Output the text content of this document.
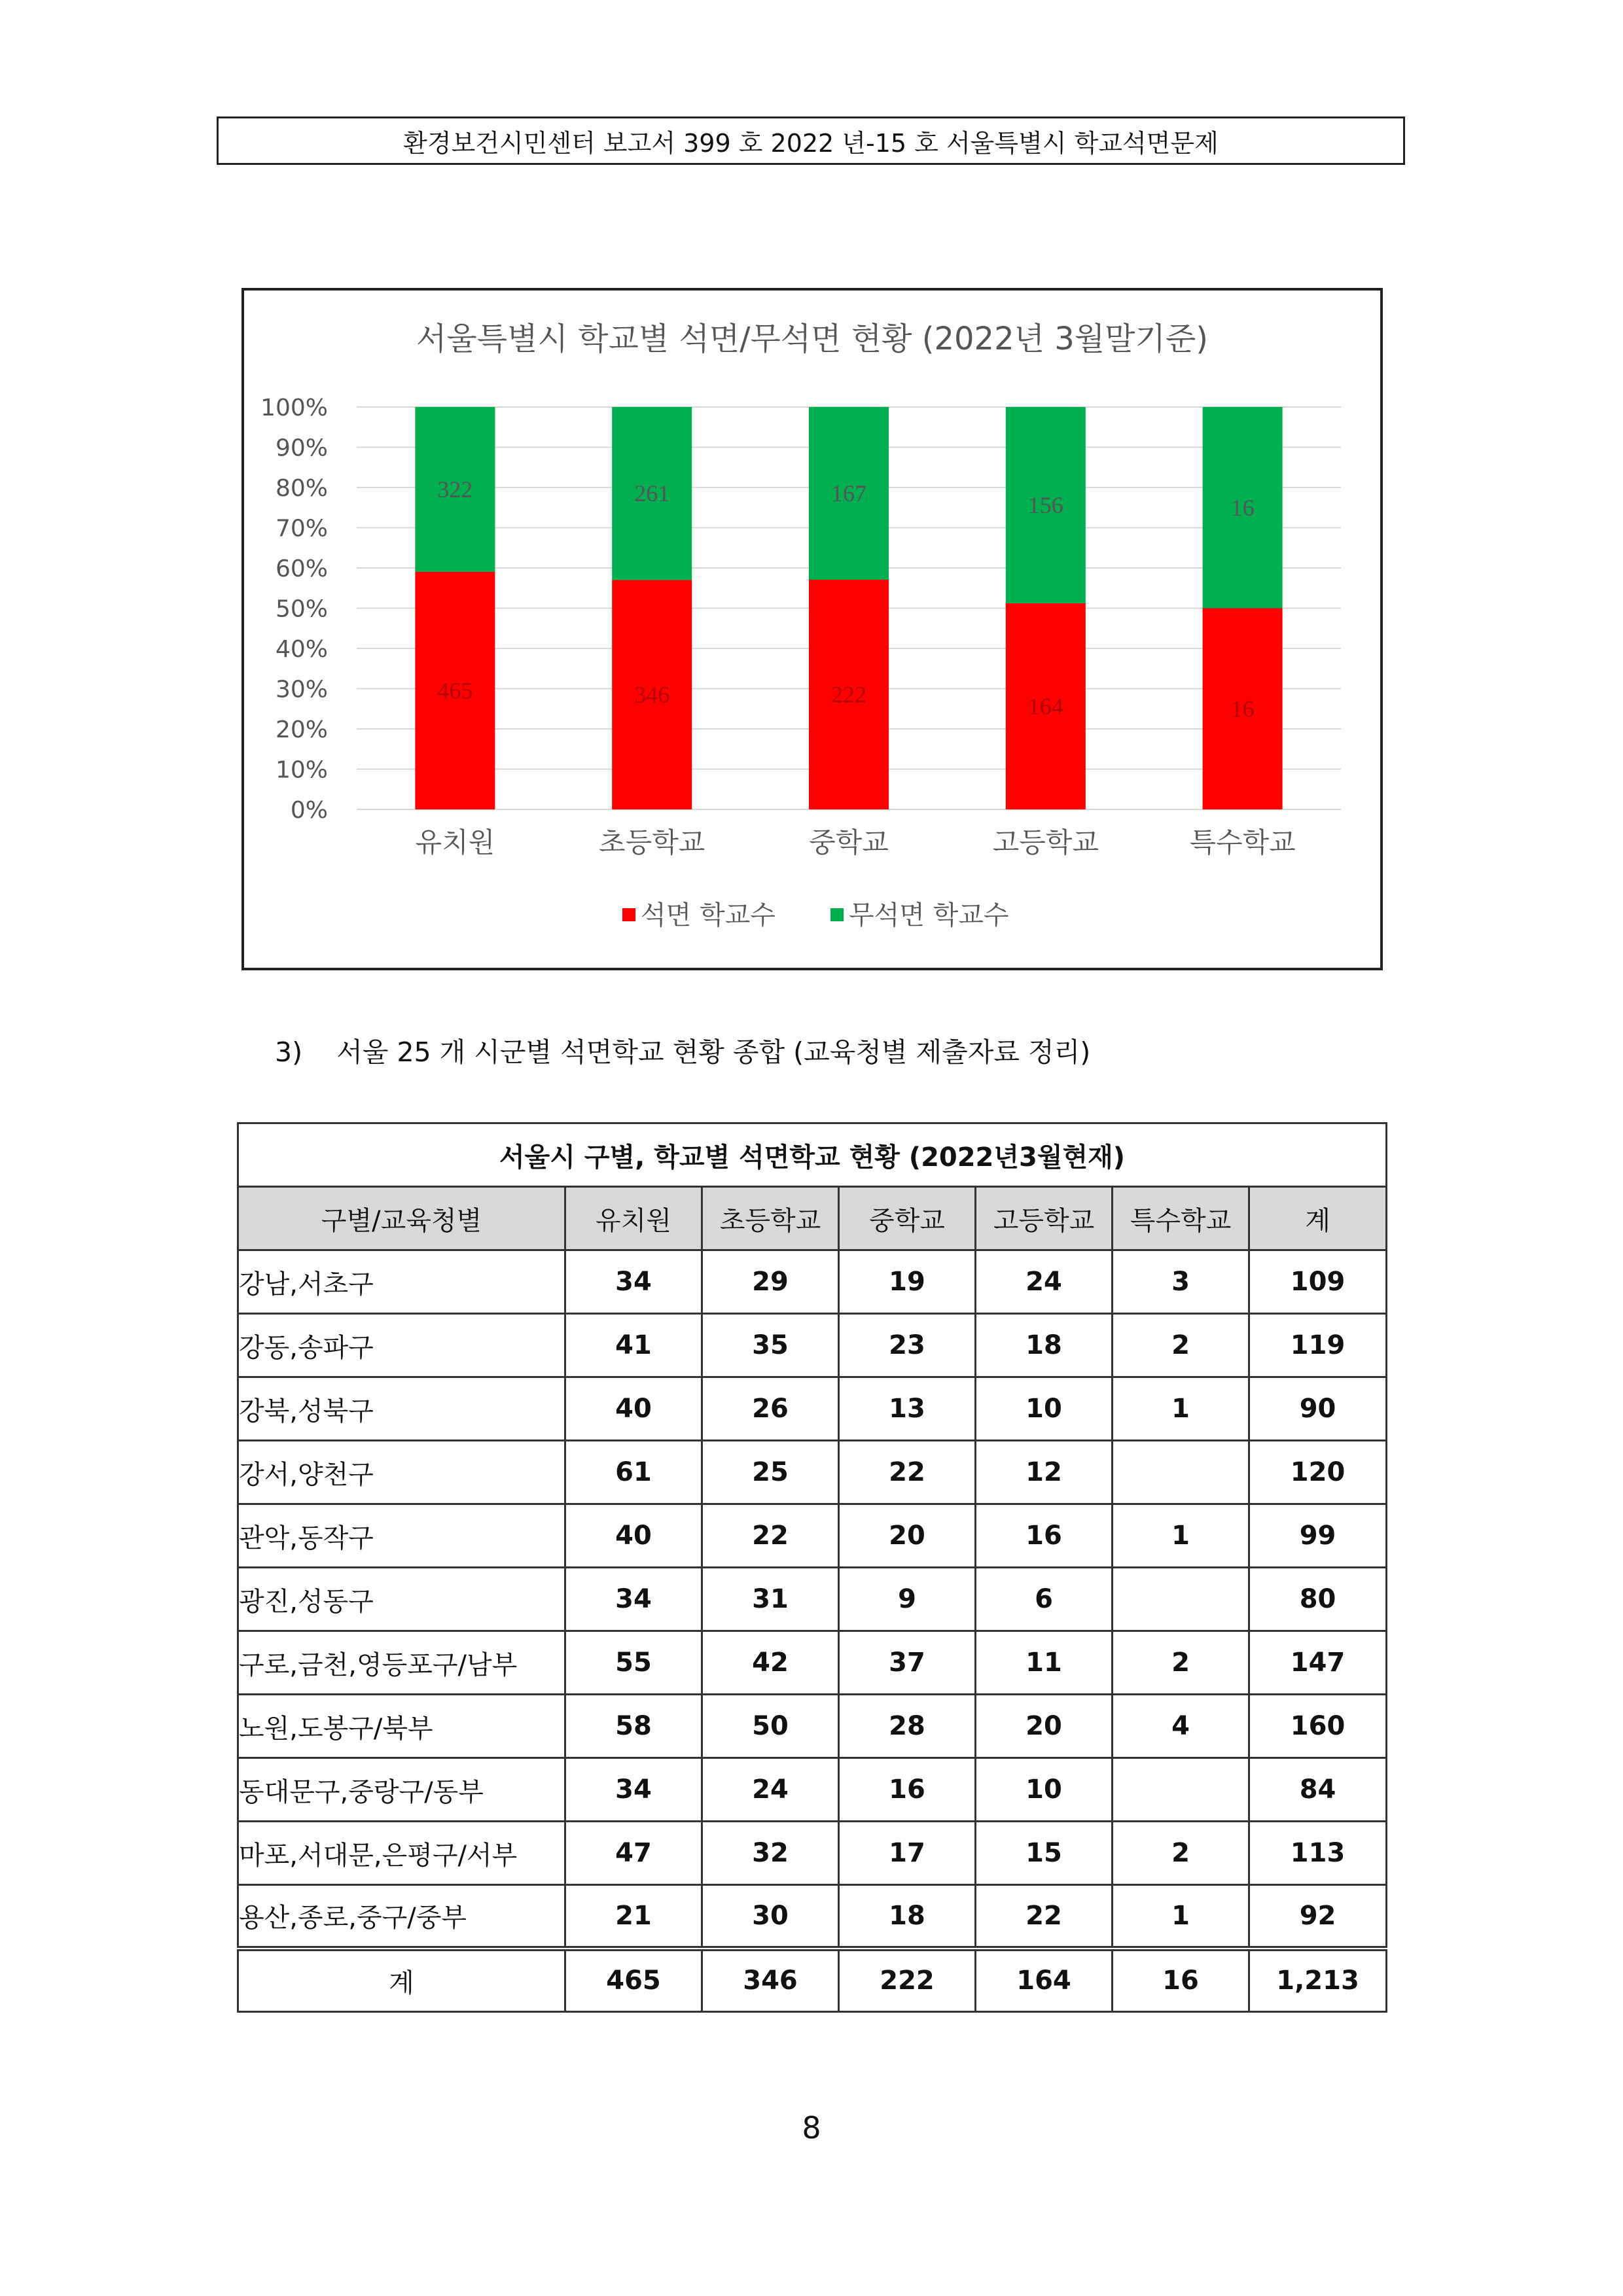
환경보건시민센터 보고서 399 호 2022 년-15 호 서울특별시 학교석면문제
서울특별시 학교별 석면/무석면 현황 (2022년 3월말기준)
0%
10%
20%
30%
40%
50%
60%
70%
80%
90%
100%
465
322
유치원
346
261
초등학교
222
167
중학교
164
156
고등학교
16
16
특수학교
석면 학교수	무석면 학교수
3)    서울 25 개 시군별 석면학교 현황 종합 (교육청별 제출자료 정리)
서울시 구별, 학교별 석면학교 현황 (2022년3월현재)						
구별/교육청별	유치원	초등학교	중학교	고등학교	특수학교	계
강남,서초구	34	29	19	24	3	109
강동,송파구	41	35	23	18	2	119
강북,성북구	40	26	13	10	1	90
강서,양천구	61	25	22	12		120
관악,동작구	40	22	20	16	1	99
광진,성동구	34	31	9	6		80
구로,금천,영등포구/남부	55	42	37	11	2	147
노원,도봉구/북부	58	50	28	20	4	160
동대문구,중랑구/동부	34	24	16	10		84
마포,서대문,은평구/서부	47	32	17	15	2	113
용산,종로,중구/중부	21	30	18	22	1	92
계	465	346	222	164	16	1,213
8
